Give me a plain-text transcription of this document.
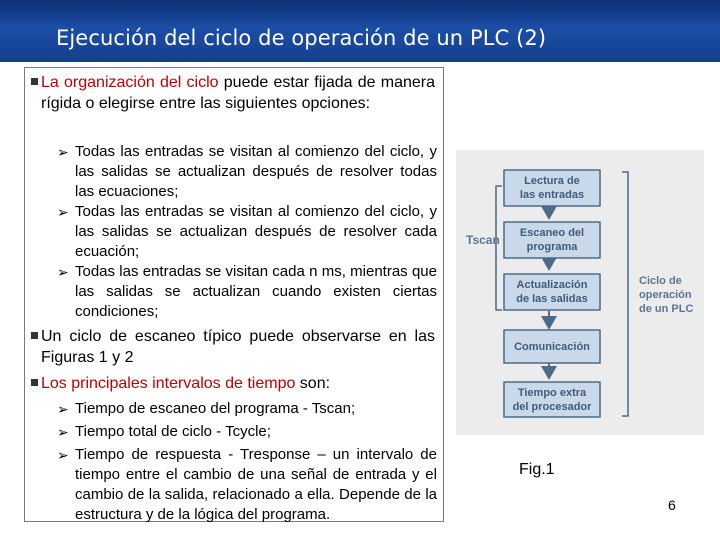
Ejecución del ciclo de operación de un PLC (2)
La organización del ciclo puede estar fijada de manera rígida o elegirse entre las siguientes opciones:
➢ Todas las entradas se visitan al comienzo del ciclo, y las salidas se actualizan después de resolver todas las ecuaciones;
➢ Todas las entradas se visitan al comienzo del ciclo, y las salidas se actualizan después de resolver cada ecuación;
➢ Todas las entradas se visitan cada n ms, mientras que las salidas se actualizan cuando existen ciertas condiciones;
Un ciclo de escaneo típico puede observarse en las Figuras 1 y 2
Los principales intervalos de tiempo son:
➢ Tiempo de escaneo del programa - Tscan;
➢ Tiempo total de ciclo - Tcycle;
➢ Tiempo de respuesta - Tresponse – un intervalo de tiempo entre el cambio de una señal de entrada y el cambio de la salida, relacionado a ella. Depende de la estructura y de la lógica del programa.
Tscan
Ciclo de
operación
de un PLC
Lectura de
las entradas
Escaneo del
programa
Actualización
de las salidas
Comunicación
Tiempo extra
del procesador
Fig.1
6
